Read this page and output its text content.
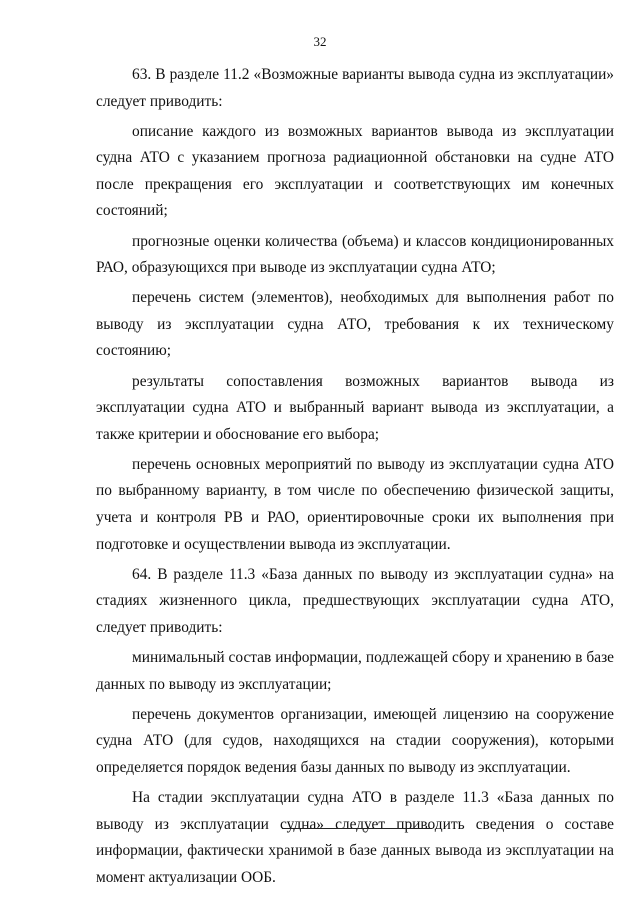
32

63. В разделе 11.2 «Возможные варианты вывода судна из эксплуатации» следует приводить:

описание каждого из возможных вариантов вывода из эксплуатации судна АТО с указанием прогноза радиационной обстановки на судне АТО после прекращения его эксплуатации и соответствующих им конечных состояний;

прогнозные оценки количества (объема) и классов кондиционированных РАО, образующихся при выводе из эксплуатации судна АТО;

перечень систем (элементов), необходимых для выполнения работ по выводу из эксплуатации судна АТО, требования к их техническому состоянию;

результаты сопоставления возможных вариантов вывода из эксплуатации судна АТО и выбранный вариант вывода из эксплуатации, а также критерии и обоснование его выбора;

перечень основных мероприятий по выводу из эксплуатации судна АТО по выбранному варианту, в том числе по обеспечению физической защиты, учета и контроля РВ и РАО, ориентировочные сроки их выполнения при подготовке и осуществлении вывода из эксплуатации.

64. В разделе 11.3 «База данных по выводу из эксплуатации судна» на стадиях жизненного цикла, предшествующих эксплуатации судна АТО, следует приводить:

минимальный состав информации, подлежащей сбору и хранению в базе данных по выводу из эксплуатации;

перечень документов организации, имеющей лицензию на сооружение судна АТО (для судов, находящихся на стадии сооружения), которыми определяется порядок ведения базы данных по выводу из эксплуатации.

На стадии эксплуатации судна АТО в разделе 11.3 «База данных по выводу из эксплуатации судна» следует приводить сведения о составе информации, фактически хранимой в базе данных вывода из эксплуатации на момент актуализации ООБ.
